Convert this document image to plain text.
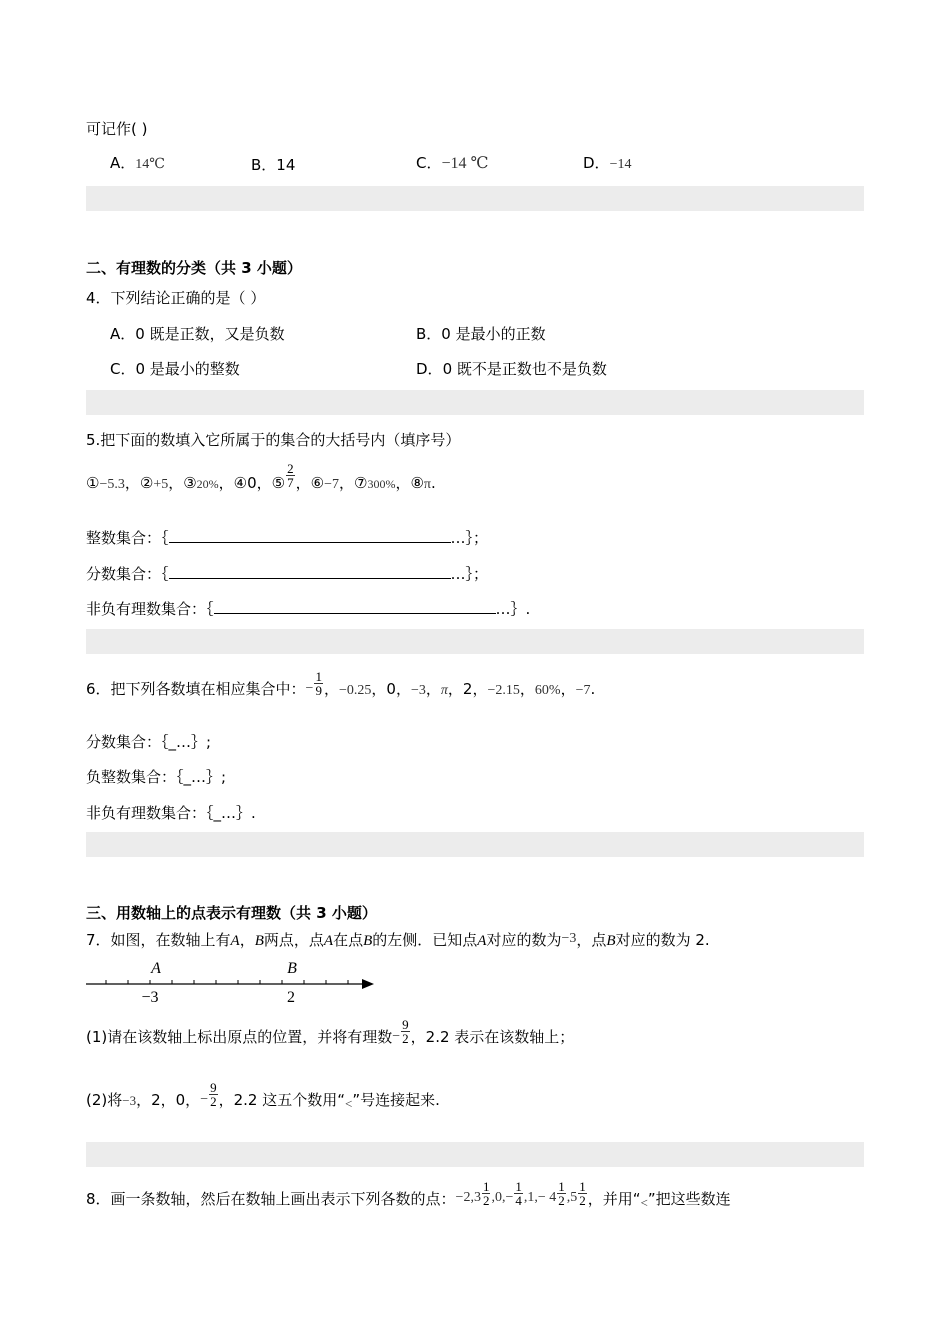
可记作( )
A．14℃	B．14	C．−14 ℃	D．−14
二、有理数的分类（共 3 小题）
4．下列结论正确的是（ ）
A．0 既是正数，又是负数	B．0 是最小的正数
C．0 是最小的整数	D．0 既不是正数也不是负数
5.把下面的数填入它所属于的集合的大括号内（填序号）
①−5.3，②+5，③20%，④0，⑤ $\frac{2}{7}$ ，⑥−7，⑦300%，⑧π.
整数集合：｛	…｝；
分数集合：｛	…｝；
非负有理数集合：｛	…｝.
6．把下列各数填在相应集合中：− $\frac{1}{9}$ ，−0.25，0，−3，π，2，−2.15，60%，−7.
分数集合：｛_…｝;
负整数集合：｛_…｝;
非负有理数集合：｛_…｝.
三、用数轴上的点表示有理数（共 3 小题）
7．如图，在数轴上有A，B两点，点A在点B的左侧．已知点A对应的数为−3，点B对应的数为 2.
A	B
−3	2
(1)请在该数轴上标出原点的位置，并将有理数− $\frac{9}{2}$ ，2.2 表示在该数轴上；
(2)将−3，2，0，− $\frac{9}{2}$ ，2.2 这五个数用“<”号连接起来.
8．画一条数轴，然后在数轴上画出表示下列各数的点：$-2,3 \frac{1}{2} ,0,- \frac{1}{4} ,1,- 4 \frac{1}{2} ,5 \frac{1}{2}$ ，并用“<”把这些数连
